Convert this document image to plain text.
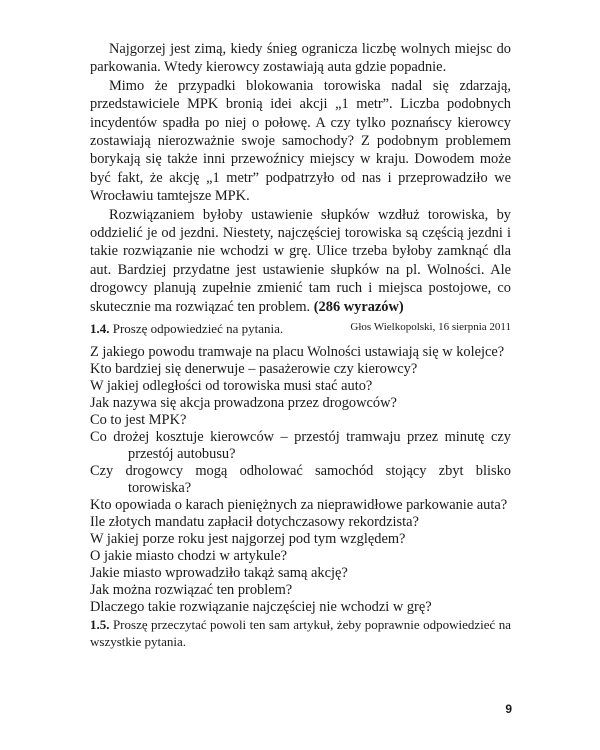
Najgorzej jest zimą, kiedy śnieg ogranicza liczbę wolnych miejsc do parkowania. Wtedy kierowcy zostawiają auta gdzie popadnie.

Mimo że przypadki blokowania torowiska nadal się zdarzają, przedstawiciele MPK bronią idei akcji „1 metr”. Liczba podobnych incydentów spadła po niej o połowę. A czy tylko poznańscy kierowcy zostawiają nierozważnie swoje samochody? Z podobnym problemem borykają się także inni przewoźnicy miejscy w kraju. Dowodem może być fakt, że akcję „1 metr” podpatrzyło od nas i przeprowadziło we Wrocławiu tamtejsze MPK.

Rozwiązaniem byłoby ustawienie słupków wzdłuż torowiska, by oddzielić je od jezdni. Niestety, najczęściej torowiska są częścią jezdni i takie rozwiązanie nie wchodzi w grę. Ulice trzeba byłoby zamknąć dla aut. Bardziej przydatne jest ustawienie słupków na pl. Wolności. Ale drogowcy planują zupełnie zmienić tam ruch i miejsca postojowe, co skutecznie ma rozwiązać ten problem. (286 wyrazów)

Głos Wielkopolski, 16 sierpnia 2011

1.4. Proszę odpowiedzieć na pytania.

Z jakiego powodu tramwaje na placu Wolności ustawiają się w kolejce?
Kto bardziej się denerwuje – pasażerowie czy kierowcy?
W jakiej odległości od torowiska musi stać auto?
Jak nazywa się akcja prowadzona przez drogowców?
Co to jest MPK?
Co drożej kosztuje kierowców – przestój tramwaju przez minutę czy przestój autobusu?
Czy drogowcy mogą odholować samochód stojący zbyt blisko torowiska?
Kto opowiada o karach pieniężnych za nieprawidłowe parkowanie auta?
Ile złotych mandatu zapłacił dotychczasowy rekordzista?
W jakiej porze roku jest najgorzej pod tym względem?
O jakie miasto chodzi w artykule?
Jakie miasto wprowadziło takąż samą akcję?
Jak można rozwiązać ten problem?
Dlaczego takie rozwiązanie najczęściej nie wchodzi w grę?

1.5. Proszę przeczytać powoli ten sam artykuł, żeby poprawnie odpowiedzieć na wszystkie pytania.

9
